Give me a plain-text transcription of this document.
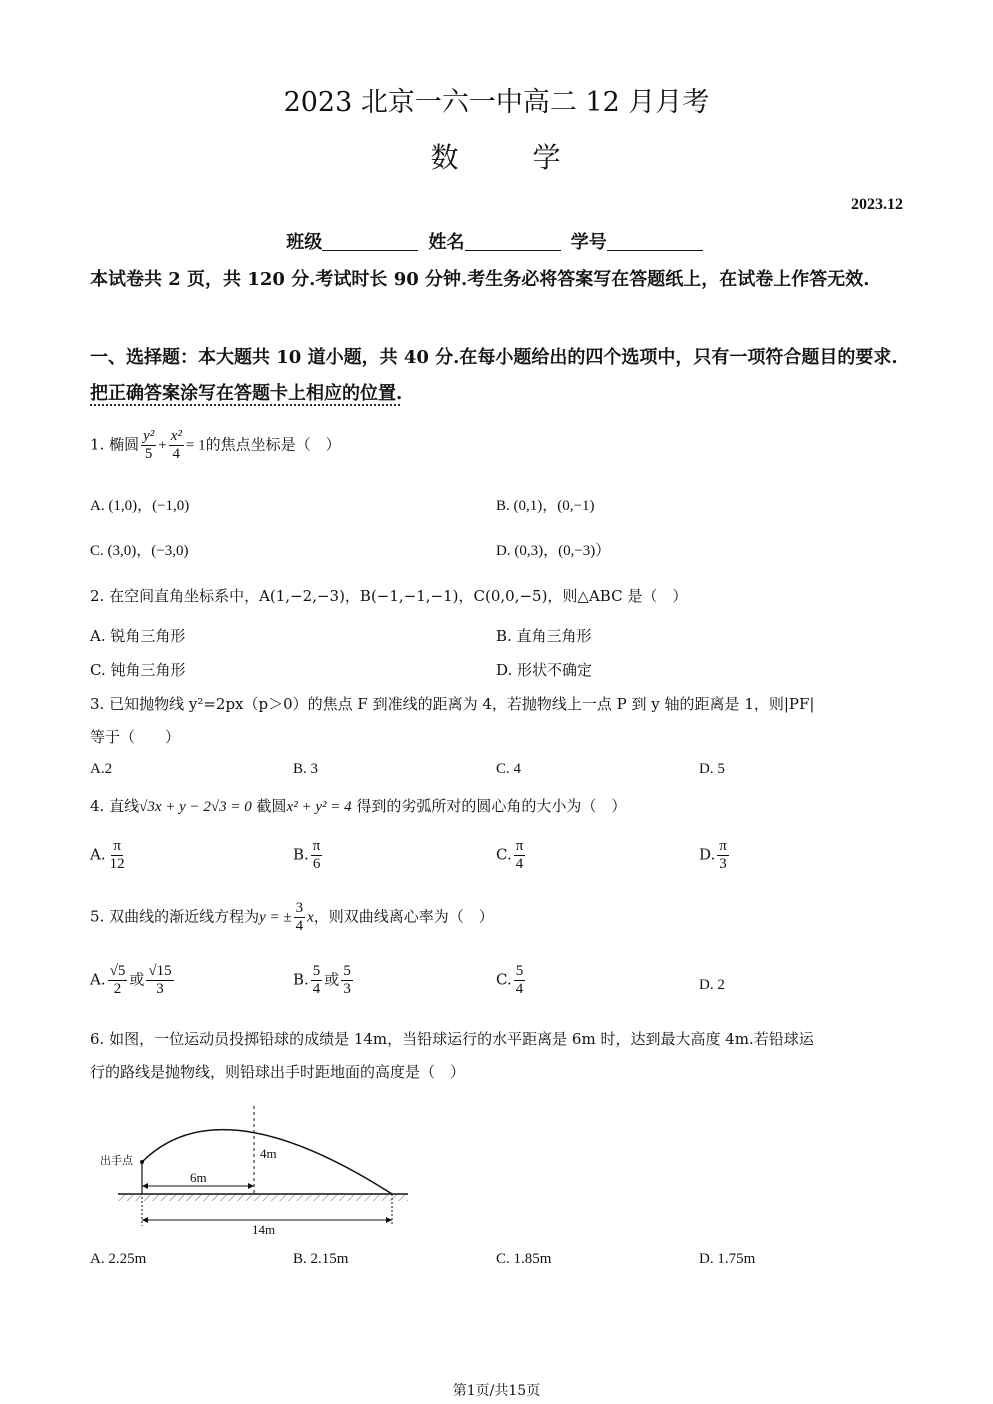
2023 北京一六一中高二 12 月月考
数	学
2023.12
班级	姓名	学号
本试卷共 2 页，共 120 分.考试时长 90 分钟.考生务必将答案写在答题纸上，在试卷上作答无效.
一、选择题：本大题共 10 道小题，共 40 分.在每小题给出的四个选项中，只有一项符合题目的要求.把正确答案涂写在答题卡上相应的位置.
1. 椭圆 $\frac{\text{y²}}{5} + \frac{\text{x²}}{4} = 1$的焦点坐标是（　）
A. (1,0)，(−1,0)	B. (0,1)，(0,−1)
C. (3,0)，(−3,0)	D. (0,3)，(0,−3)）
2. 在空间直角坐标系中，A(1,−2,−3)，B(−1,−1,−1)，C(0,0,−5)，则△ABC 是（　）
A. 锐角三角形	B. 直角三角形
C. 钝角三角形	D. 形状不确定
3. 已知抛物线 y²=2px（p＞0）的焦点 F 到准线的距离为 4，若抛物线上一点 P 到 y 轴的距离是 1，则|PF|
等于（　　）
A.2	B. 3	C. 4	D. 5
4. 直线√3x + y − 2√3 = 0 截圆x² + y² = 4 得到的劣弧所对的圆心角的大小为（　）
A. $\frac{\pi}{12}$	B. $\frac{\pi}{6}$	C. $\frac{\pi}{4}$	D. $\frac{\pi}{3}$
5. 双曲线的渐近线方程为y = ± $\frac{3}{4}$ x，则双曲线离心率为（　）
A. $\frac{√5}{2}$ 或 $\frac{√15}{3}$	B. $\frac{5}{4}$ 或 $\frac{5}{3}$	C. $\frac{5}{4}$	D. 2
6. 如图，一位运动员投掷铅球的成绩是 14m，当铅球运行的水平距离是 6m 时，达到最大高度 4m.若铅球运
行的路线是抛物线，则铅球出手时距地面的高度是（　）
出手点	4m
6m
14m
A. 2.25m	B. 2.15m	C. 1.85m	D. 1.75m
第1页/共15页
